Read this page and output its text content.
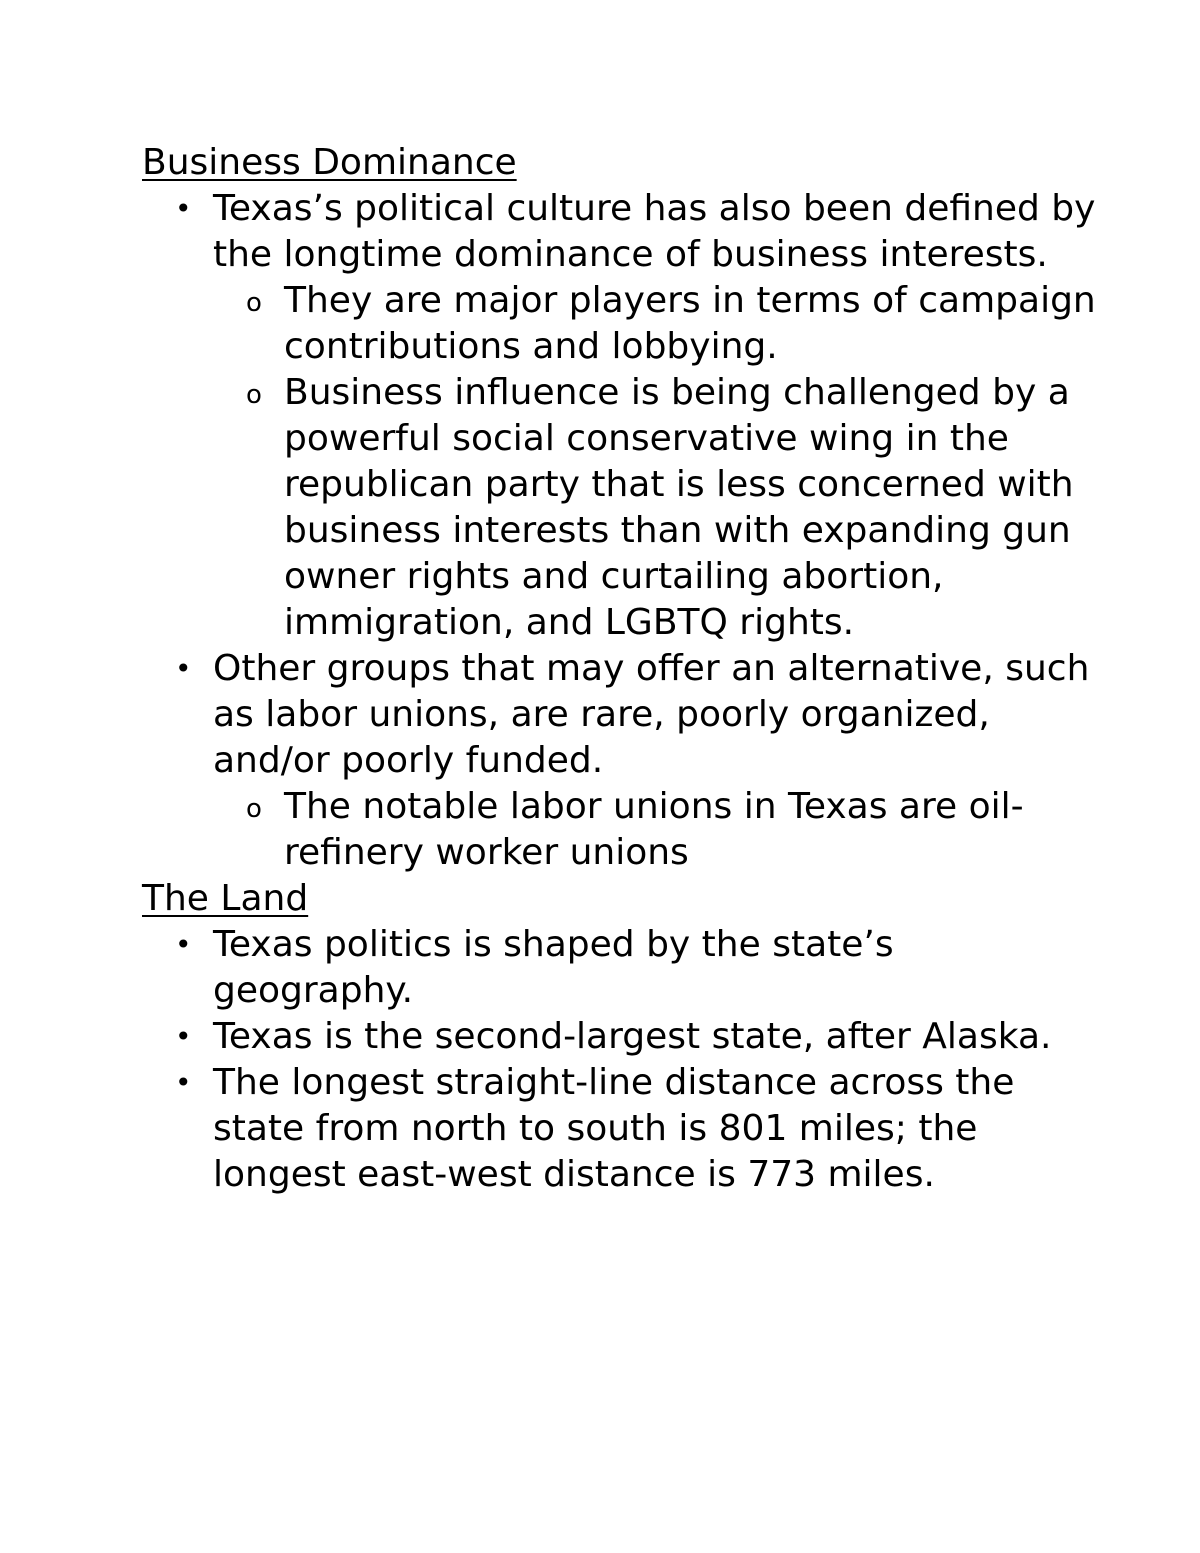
Business Dominance
• Texas’s political culture has also been defined by the longtime dominance of business interests.
o They are major players in terms of campaign contributions and lobbying.
o Business influence is being challenged by a powerful social conservative wing in the republican party that is less concerned with business interests than with expanding gun owner rights and curtailing abortion, immigration, and LGBTQ rights.
• Other groups that may offer an alternative, such as labor unions, are rare, poorly organized, and/or poorly funded.
o The notable labor unions in Texas are oil-refinery worker unions
The Land
• Texas politics is shaped by the state’s geography.
• Texas is the second-largest state, after Alaska.
• The longest straight-line distance across the state from north to south is 801 miles; the longest east-west distance is 773 miles.
